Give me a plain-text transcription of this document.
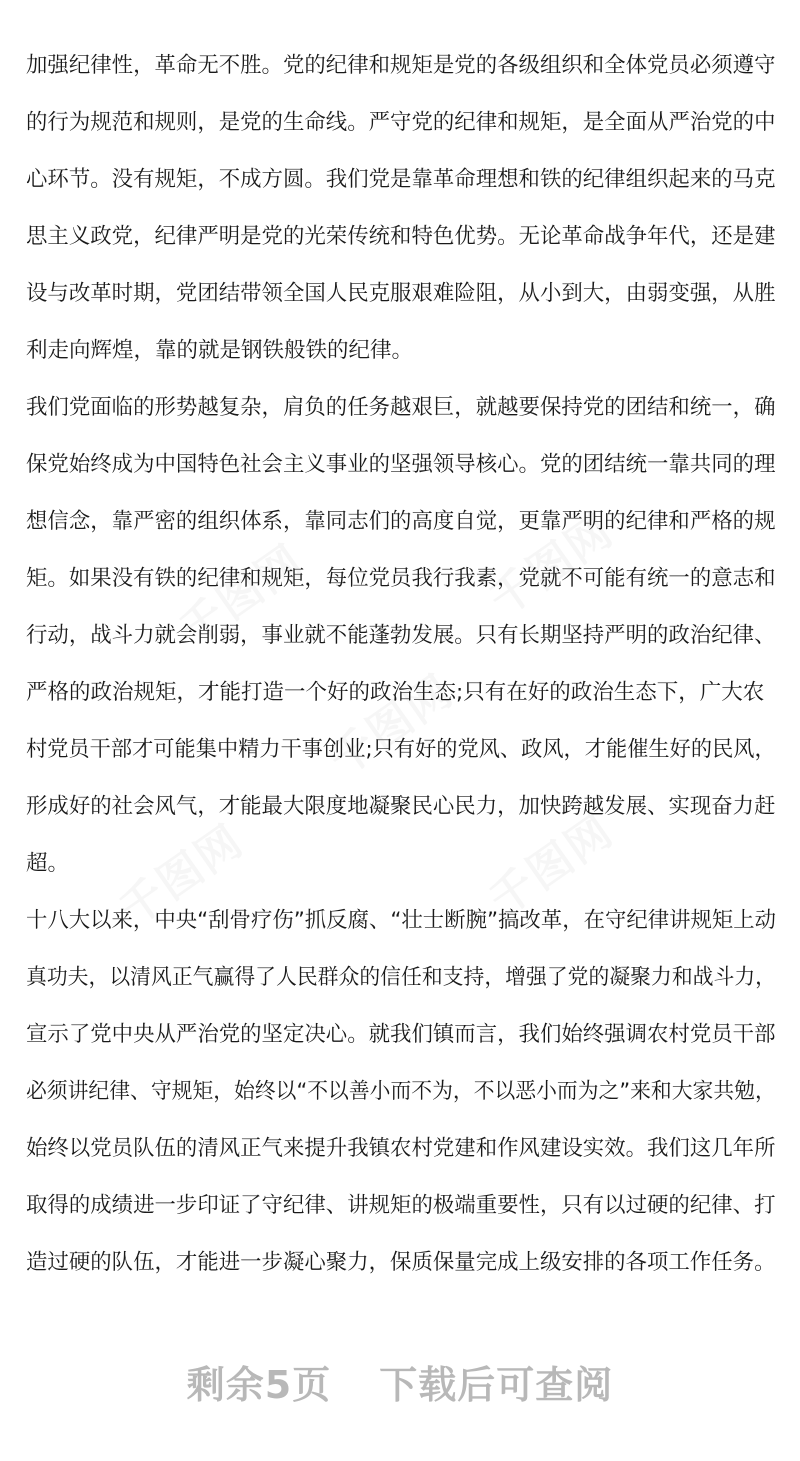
千图网	千图网
千图网
千图网	千图网
加强纪律性，革命无不胜。党的纪律和规矩是党的各级组织和全体党员必须遵守
的行为规范和规则，是党的生命线。严守党的纪律和规矩，是全面从严治党的中
心环节。没有规矩，不成方圆。我们党是靠革命理想和铁的纪律组织起来的马克
思主义政党，纪律严明是党的光荣传统和特色优势。无论革命战争年代，还是建
设与改革时期，党团结带领全国人民克服艰难险阻，从小到大，由弱变强，从胜
利走向辉煌，靠的就是钢铁般铁的纪律。
我们党面临的形势越复杂，肩负的任务越艰巨，就越要保持党的团结和统一，确
保党始终成为中国特色社会主义事业的坚强领导核心。党的团结统一靠共同的理
想信念，靠严密的组织体系，靠同志们的高度自觉，更靠严明的纪律和严格的规
矩。如果没有铁的纪律和规矩，每位党员我行我素，党就不可能有统一的意志和
行动，战斗力就会削弱，事业就不能蓬勃发展。只有长期坚持严明的政治纪律、
严格的政治规矩，才能打造一个好的政治生态;只有在好的政治生态下，广大农
村党员干部才可能集中精力干事创业;只有好的党风、政风，才能催生好的民风，
形成好的社会风气，才能最大限度地凝聚民心民力，加快跨越发展、实现奋力赶
超。
十八大以来，中央“刮骨疗伤”抓反腐、“壮士断腕”搞改革，在守纪律讲规矩上动
真功夫，以清风正气赢得了人民群众的信任和支持，增强了党的凝聚力和战斗力，
宣示了党中央从严治党的坚定决心。就我们镇而言，我们始终强调农村党员干部
必须讲纪律、守规矩，始终以“不以善小而不为，不以恶小而为之”来和大家共勉，
始终以党员队伍的清风正气来提升我镇农村党建和作风建设实效。我们这几年所
取得的成绩进一步印证了守纪律、讲规矩的极端重要性，只有以过硬的纪律、打
造过硬的队伍，才能进一步凝心聚力，保质保量完成上级安排的各项工作任务。
剩余5页 下载后可查阅
